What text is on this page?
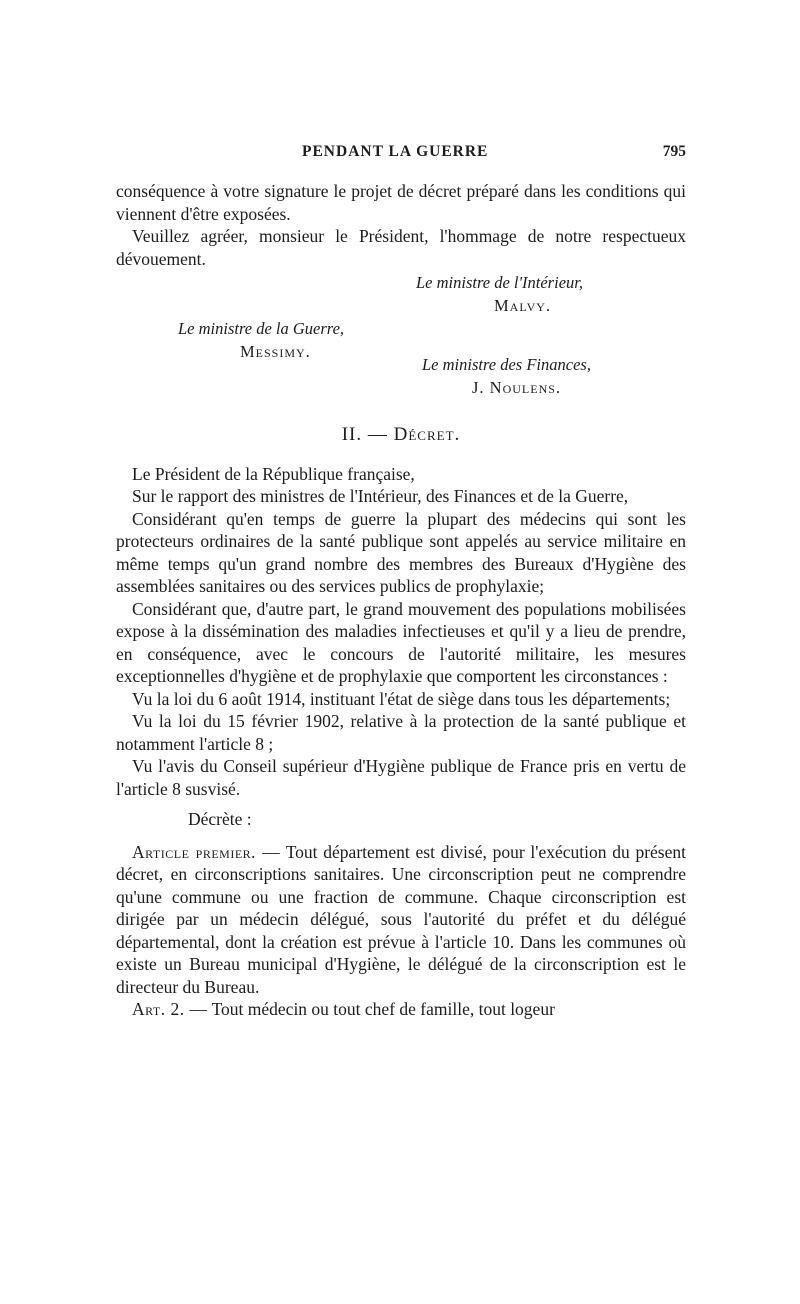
PENDANT LA GUERRE	795

conséquence à votre signature le projet de décret préparé dans les conditions qui viennent d'être exposées.

Veuillez agréer, monsieur le Président, l'hommage de notre respectueux dévouement.

Le ministre de l'Intérieur,
Malvy.
Le ministre de la Guerre,
Messimy.
Le ministre des Finances,
J. Noulens.
II. — Décret.

Le Président de la République française,

Sur le rapport des ministres de l'Intérieur, des Finances et de la Guerre,

Considérant qu'en temps de guerre la plupart des médecins qui sont les protecteurs ordinaires de la santé publique sont appelés au service militaire en même temps qu'un grand nombre des membres des Bureaux d'Hygiène des assemblées sanitaires ou des services publics de prophylaxie;

Considérant que, d'autre part, le grand mouvement des populations mobilisées expose à la dissémination des maladies infectieuses et qu'il y a lieu de prendre, en conséquence, avec le concours de l'autorité militaire, les mesures exceptionnelles d'hygiène et de prophylaxie que comportent les circonstances :

Vu la loi du 6 août 1914, instituant l'état de siège dans tous les départements;

Vu la loi du 15 février 1902, relative à la protection de la santé publique et notamment l'article 8 ;

Vu l'avis du Conseil supérieur d'Hygiène publique de France pris en vertu de l'article 8 susvisé.

Décrète :

Article premier. — Tout département est divisé, pour l'exécution du présent décret, en circonscriptions sanitaires. Une circonscription peut ne comprendre qu'une commune ou une fraction de commune. Chaque circonscription est dirigée par un médecin délégué, sous l'autorité du préfet et du délégué départemental, dont la création est prévue à l'article 10. Dans les communes où existe un Bureau municipal d'Hygiène, le délégué de la circonscription est le directeur du Bureau.

Art. 2. — Tout médecin ou tout chef de famille, tout logeur
